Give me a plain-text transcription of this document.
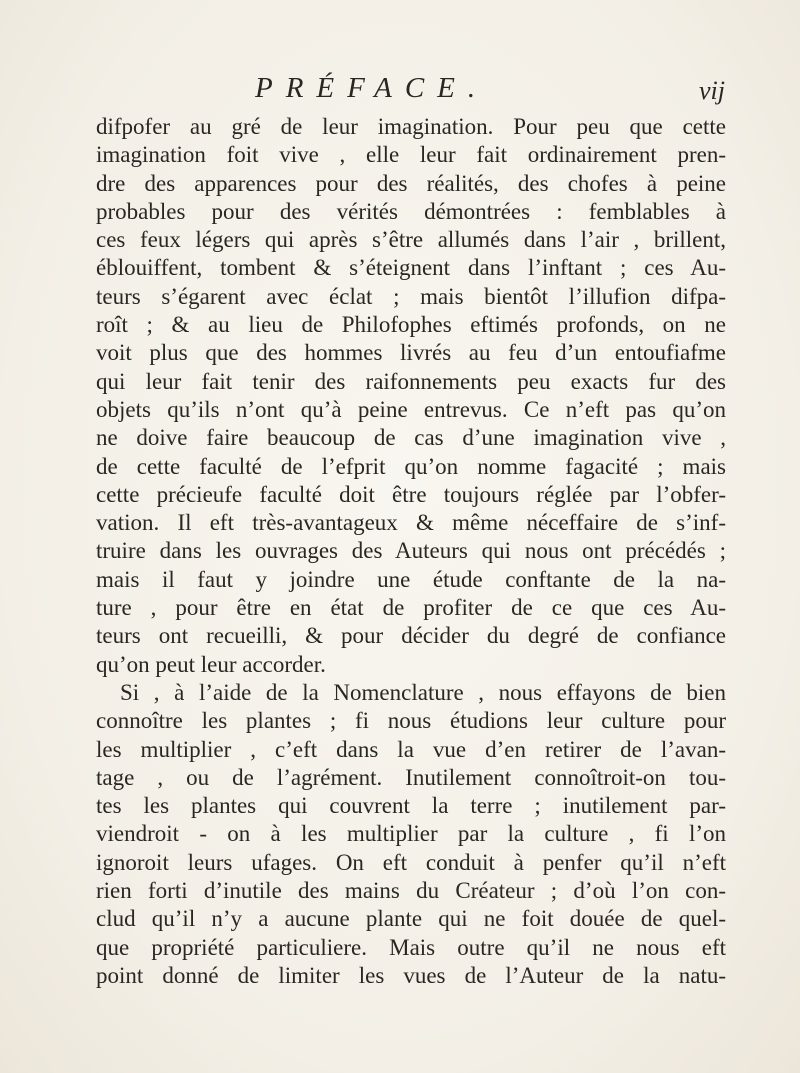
PRÉFACE.	vij
difpofer au gré de leur imagination. Pour peu que cette
imagination foit vive , elle leur fait ordinairement pren-
dre des apparences pour des réalités, des chofes à peine
probables pour des vérités démontrées : femblables à
ces feux légers qui après s’être allumés dans l’air , brillent,
éblouiffent, tombent & s’éteignent dans l’inftant ; ces Au-
teurs s’égarent avec éclat ; mais bientôt l’illufion difpa-
roît ; & au lieu de Philofophes eftimés profonds, on ne
voit plus que des hommes livrés au feu d’un entoufiafme
qui leur fait tenir des raifonnements peu exacts fur des
objets qu’ils n’ont qu’à peine entrevus. Ce n’eft pas qu’on
ne doive faire beaucoup de cas d’une imagination vive ,
de cette faculté de l’efprit qu’on nomme fagacité ; mais
cette précieufe faculté doit être toujours réglée par l’obfer-
vation. Il eft très-avantageux & même néceffaire de s’inf-
truire dans les ouvrages des Auteurs qui nous ont précédés ;
mais il faut y joindre une étude conftante de la na-
ture , pour être en état de profiter de ce que ces Au-
teurs ont recueilli, & pour décider du degré de confiance
qu’on peut leur accorder.
Si , à l’aide de la Nomenclature , nous effayons de bien
connoître les plantes ; fi nous étudions leur culture pour
les multiplier , c’eft dans la vue d’en retirer de l’avan-
tage , ou de l’agrément. Inutilement connoîtroit-on tou-
tes les plantes qui couvrent la terre ; inutilement par-
viendroit - on à les multiplier par la culture , fi l’on
ignoroit leurs ufages. On eft conduit à penfer qu’il n’eft
rien forti d’inutile des mains du Créateur ; d’où l’on con-
clud qu’il n’y a aucune plante qui ne foit douée de quel-
que propriété particuliere. Mais outre qu’il ne nous eft
point donné de limiter les vues de l’Auteur de la natu-
